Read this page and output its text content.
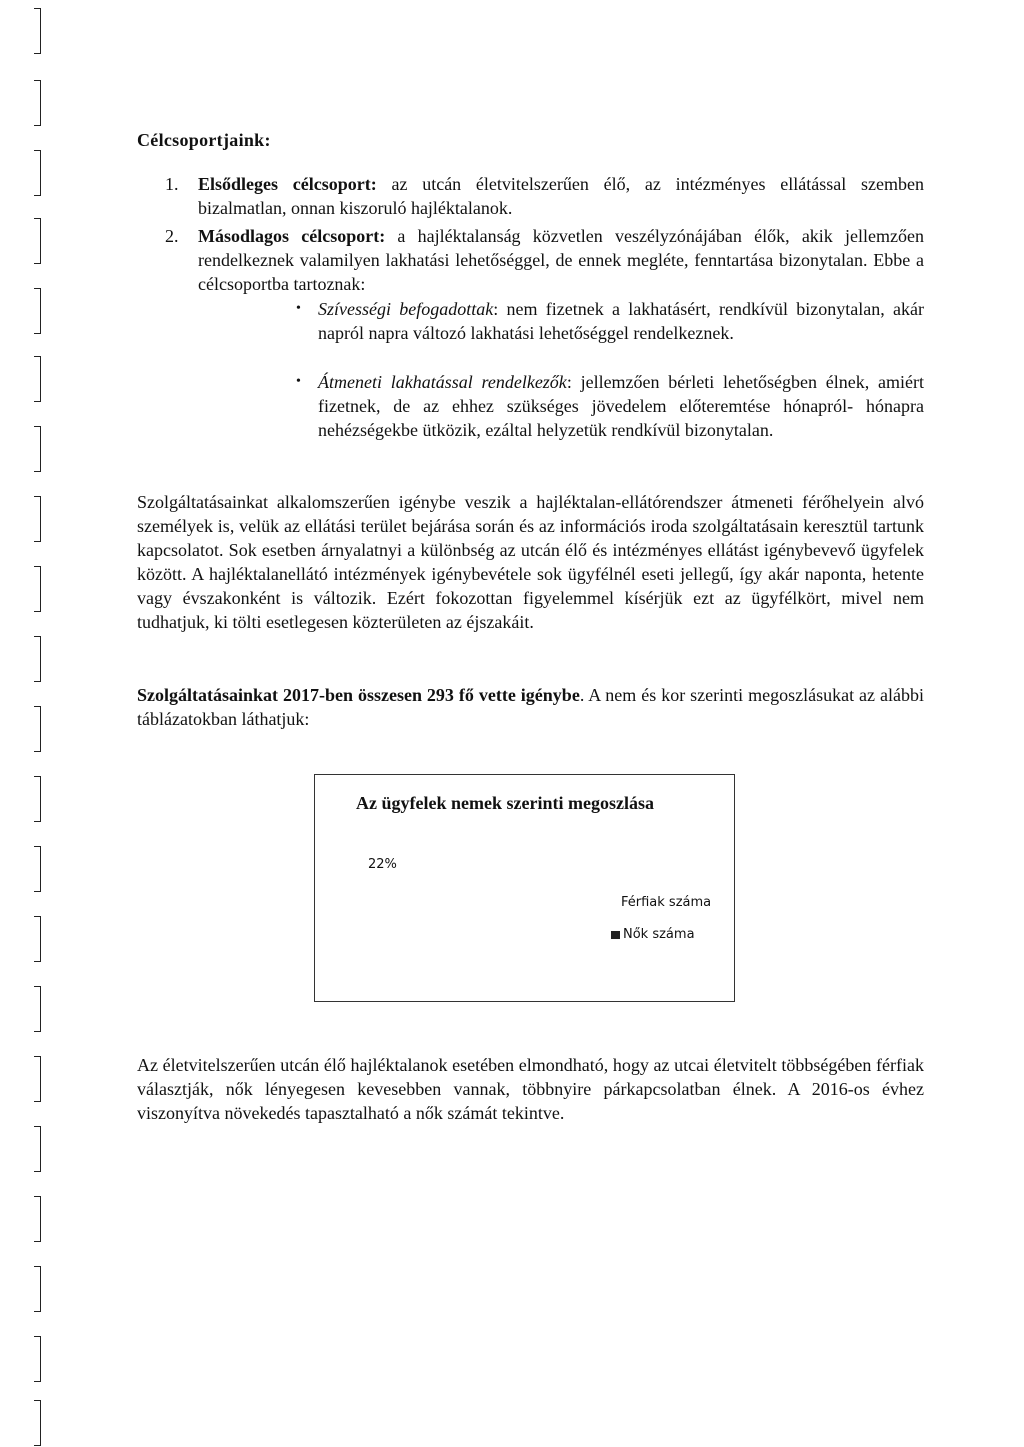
Célcsoportjaink:
1. Elsődleges célcsoport: az utcán életvitelszerűen élő, az intézményes ellátással szemben bizalmatlan, onnan kiszoruló hajléktalanok.
2. Másodlagos célcsoport: a hajléktalanság közvetlen veszélyzónájában élők, akik jellemzően rendelkeznek valamilyen lakhatási lehetőséggel, de ennek megléte, fenntartása bizonytalan. Ebbe a célcsoportba tartoznak:
• Szívességi befogadottak: nem fizetnek a lakhatásért, rendkívül bizonytalan, akár napról napra változó lakhatási lehetőséggel rendelkeznek.
• Átmeneti lakhatással rendelkezők: jellemzően bérleti lehetőségben élnek, amiért fizetnek, de az ehhez szükséges jövedelem előteremtése hónapról- hónapra nehézségekbe ütközik, ezáltal helyzetük rendkívül bizonytalan.
Szolgáltatásainkat alkalomszerűen igénybe veszik a hajléktalan-ellátórendszer átmeneti férőhelyein alvó személyek is, velük az ellátási terület bejárása során és az információs iroda szolgáltatásain keresztül tartunk kapcsolatot. Sok esetben árnyalatnyi a különbség az utcán élő és intézményes ellátást igénybevevő ügyfelek között. A hajléktalanellátó intézmények igénybevétele sok ügyfélnél eseti jellegű, így akár naponta, hetente vagy évszakonként is változik. Ezért fokozottan figyelemmel kísérjük ezt az ügyfélkört, mivel nem tudhatjuk, ki tölti esetlegesen közterületen az éjszakáit.
Szolgáltatásainkat 2017-ben összesen 293 fő vette igénybe. A nem és kor szerinti megoszlásukat az alábbi táblázatokban láthatjuk:
Az ügyfelek nemek szerinti megoszlása
22%
Férfiak száma
Nők száma
Az életvitelszerűen utcán élő hajléktalanok esetében elmondható, hogy az utcai életvitelt többségében férfiak választják, nők lényegesen kevesebben vannak, többnyire párkapcsolatban élnek. A 2016-os évhez viszonyítva növekedés tapasztalható a nők számát tekintve.
